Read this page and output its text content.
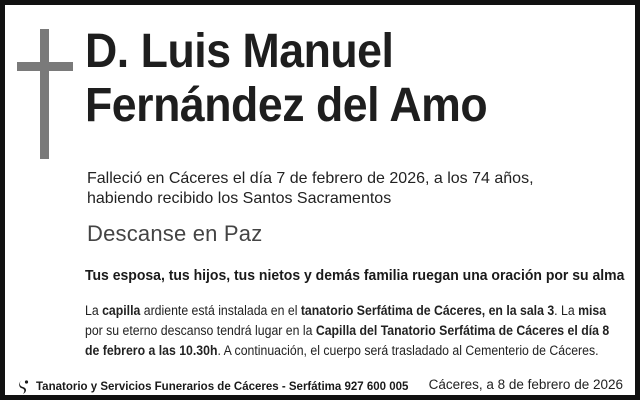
D. Luis Manuel
Fernández del Amo
Falleció en Cáceres el día 7 de febrero de 2026, a los 74 años,
habiendo recibido los Santos Sacramentos
Descanse en Paz
Tus esposa, tus hijos, tus nietos y demás familia ruegan una oración por su alma
La capilla ardiente está instalada en el tanatorio Serfátima de Cáceres, en la sala 3. La misa por su eterno descanso tendrá lugar en la Capilla del Tanatorio Serfátima de Cáceres el día 8 de febrero a las 10.30h. A continuación, el cuerpo será trasladado al Cementerio de Cáceres.
Tanatorio y Servicios Funerarios de Cáceres - Serfátima 927 600 005 Cáceres, a 8 de febrero de 2026
